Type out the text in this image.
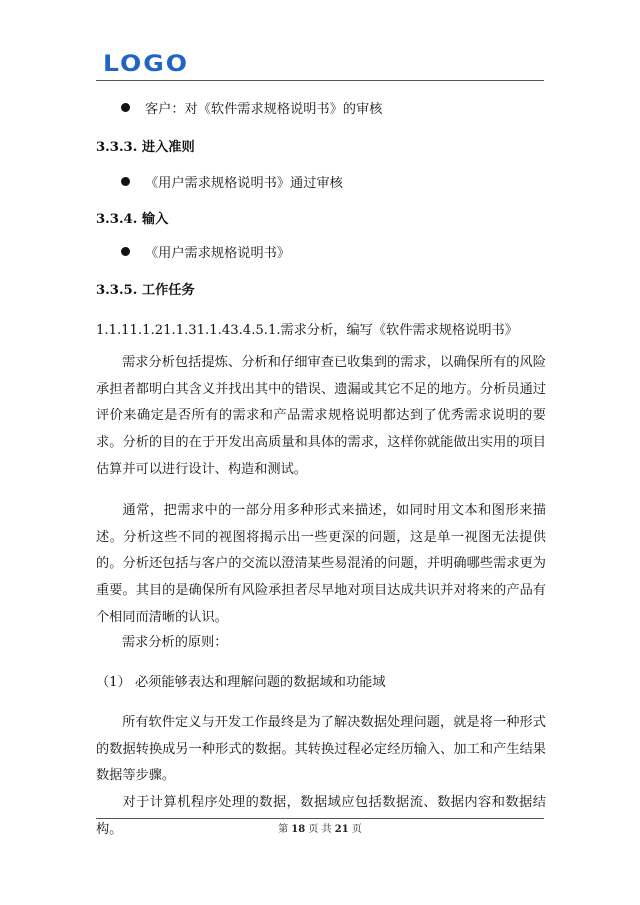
LOGO
客户：对《软件需求规格说明书》的审核
3.3.3. 进入准则
《用户需求规格说明书》通过审核
3.3.4. 输入
《用户需求规格说明书》
3.3.5. 工作任务
1.1.11.1.21.1.31.1.43.4.5.1.需求分析，编写《软件需求规格说明书》
需求分析包括提炼、分析和仔细审查已收集到的需求，以确保所有的风险承担者都明白其含义并找出其中的错误、遗漏或其它不足的地方。分析员通过评价来确定是否所有的需求和产品需求规格说明都达到了优秀需求说明的要求。分析的目的在于开发出高质量和具体的需求，这样你就能做出实用的项目估算并可以进行设计、构造和测试。
通常，把需求中的一部分用多种形式来描述，如同时用文本和图形来描述。分析这些不同的视图将揭示出一些更深的问题，这是单一视图无法提供的。分析还包括与客户的交流以澄清某些易混淆的问题，并明确哪些需求更为重要。其目的是确保所有风险承担者尽早地对项目达成共识并对将来的产品有个相同而清晰的认识。
需求分析的原则：
（1） 必须能够表达和理解问题的数据域和功能域
所有软件定义与开发工作最终是为了解决数据处理问题，就是将一种形式的数据转换成另一种形式的数据。其转换过程必定经历输入、加工和产生结果数据等步骤。
对于计算机程序处理的数据，数据域应包括数据流、数据内容和数据结构。	第 18 页 共 21 页
